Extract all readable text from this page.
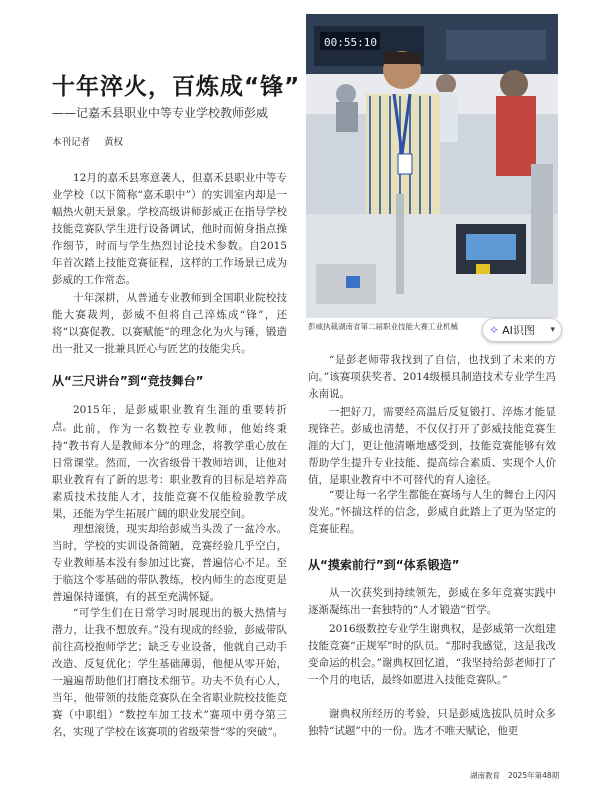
00:55:10
彭威执裁湖南省第二届职业技能大赛工业机械	✧ AI识图 ▾
十年淬火，百炼成“锋”
——记嘉禾县职业中等专业学校教师彭威
本刊记者 黄权

12月的嘉禾县寒意袭人，但嘉禾县职业中等专业学校（以下简称“嘉禾职中”）的实训室内却是一幅热火朝天景象。学校高级讲师彭威正在指导学校技能竞赛队学生进行设备调试，他时而俯身指点操作细节，时而与学生热烈讨论技术参数。自2015年首次踏上技能竞赛征程，这样的工作场景已成为彭威的工作常态。

十年深耕，从普通专业教师到全国职业院校技能大赛裁判，彭威不但将自己淬炼成“锋”，还将“以赛促教、以赛赋能”的理念化为火与锤，锻造出一批又一批兼具匠心与匠艺的技能尖兵。

从“三尺讲台”到“竞技舞台”

2015年，是彭威职业教育生涯的重要转折点。 此前，作为一名数控专业教师，他始终秉持“教书育人是教师本分”的理念，将教学重心放在日常课堂。然而，一次省级骨干教师培训，让他对职业教育有了新的思考：职业教育的目标是培养高素质技术技能人才，技能竞赛不仅能检验教学成果，还能为学生拓展广阔的职业发展空间。

理想滚烫，现实却给彭威当头泼了一盆冷水。当时，学校的实训设备简陋，竞赛经验几乎空白，专业教师基本没有参加过比赛，普遍信心不足。至于临这个零基础的带队教练，校内师生的态度更是普遍保持谨慎，有的甚至充满怀疑。

“可学生们在日常学习时展现出的极大热情与潜力，让我不想放弃。”没有现成的经验，彭威带队前往高校抱师学艺；缺乏专业设备，他就自己动手改造、反复优化；学生基础薄弱，他便从零开始，一遍遍帮助他们打磨技术细节。功夫不负有心人，当年，他带领的技能竞赛队在全省职业院校技能竞赛（中职组）“数控车加工技术”赛项中勇夺第三名，实现了学校在该赛项的省级荣誉“零的突破”。

“是彭老师带我找到了自信，也找到了未来的方向。”该赛项获奖者、2014级模具制造技术专业学生冯永南说。

一把好刀，需要经高温后反复锻打、淬炼才能显现锋芒。彭威也清楚，不仅仅打开了彭威技能竞赛生涯的大门，更让他清晰地感受到，技能竞赛能够有效帮助学生提升专业技能、提高综合素质、实现个人价值，是职业教育中不可替代的育人途径。

“要让每一名学生都能在赛场与人生的舞台上闪闪发光。”怀揣这样的信念，彭威自此踏上了更为坚定的竞赛征程。

从“摸索前行”到“体系锻造”

从一次获奖到持续领先，彭威在多年竞赛实践中逐渐凝练出一套独特的“人才锻造”哲学。

2016级数控专业学生谢典权，是彭威第一次组建技能竞赛“正规军”时的队员。“那时我感觉，这是我改变命运的机会。”谢典权回忆道，“我坚持给彭老师打了一个月的电话，最终如愿进入技能竞赛队。”

谢典权所经历的考验，只是彭威选拔队员时众多独特“试题”中的一份。选才不唯天赋论，他更

湖南教育 2025年第48期
